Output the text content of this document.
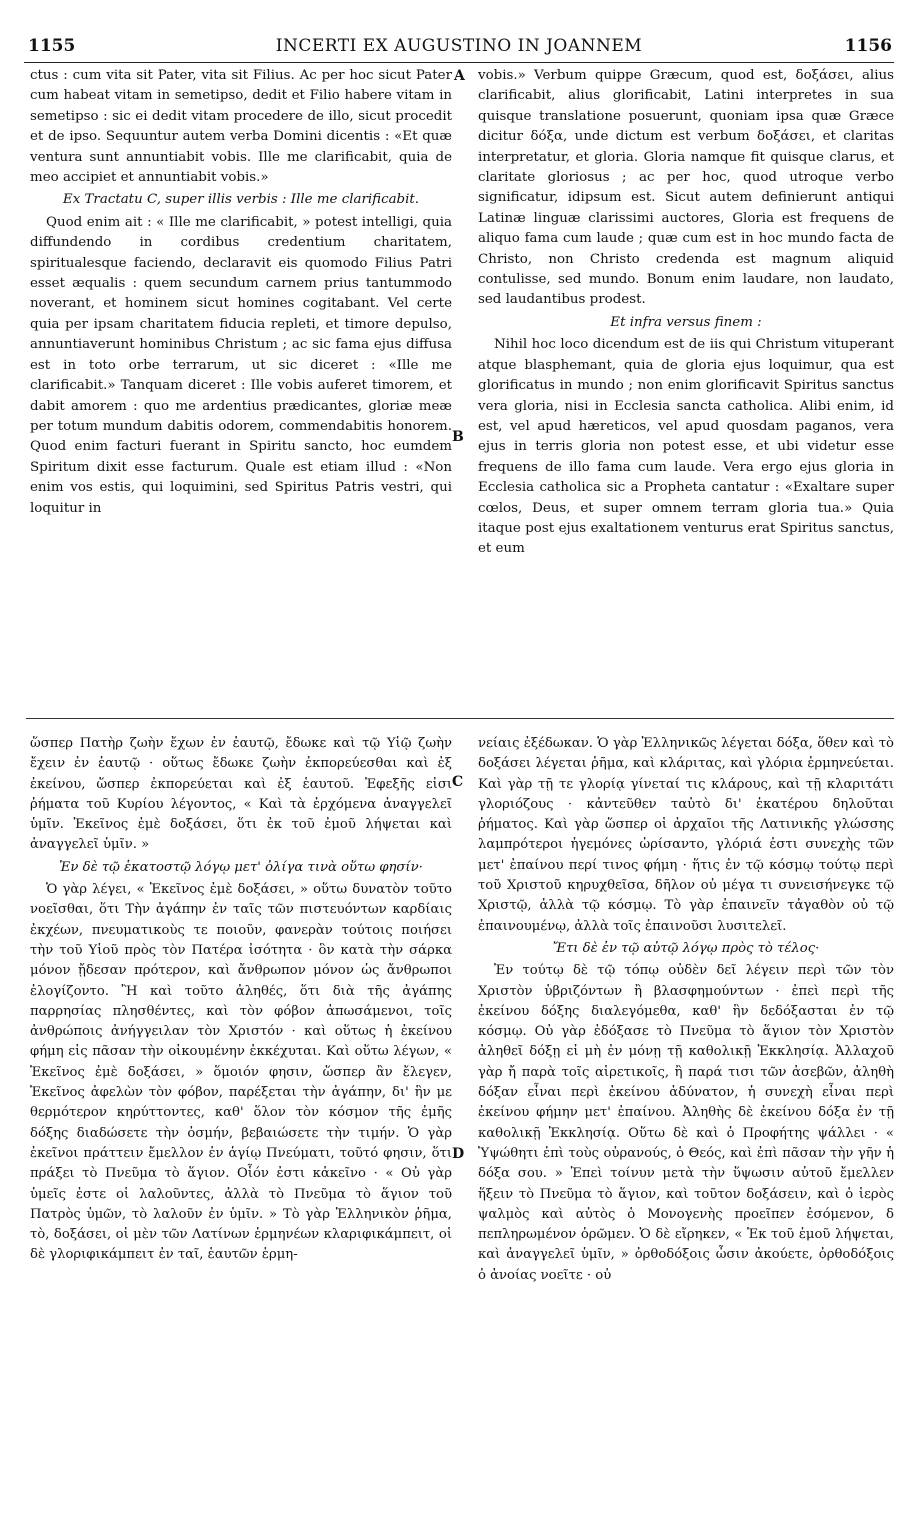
1155	INCERTI EX AUGUSTINO IN JOANNEM	1156
A
B
C
D

ctus : cum vita sit Pater, vita sit Filius. Ac per hoc sicut Pater cum habeat vitam in semetipso, dedit et Filio habere vitam in semetipso : sic ei dedit vitam procedere de illo, sicut procedit et de ipso. Sequuntur autem verba Domini dicentis : «Et quæ ventura sunt annuntiabit vobis. Ille me clarificabit, quia de meo accipiet et annuntiabit vobis.»

Ex Tractatu C, super illis verbis : Ille me clarificabit.

Quod enim ait : « Ille me clarificabit, » potest intelligi, quia diffundendo in cordibus credentium charitatem, spiritualesque faciendo, declaravit eis quomodo Filius Patri esset æqualis : quem secundum carnem prius tantummodo noverant, et hominem sicut homines cogitabant. Vel certe quia per ipsam charitatem fiducia repleti, et timore depulso, annuntiaverunt hominibus Christum ; ac sic fama ejus diffusa est in toto orbe terrarum, ut sic diceret : «Ille me clarificabit.» Tanquam diceret : Ille vobis auferet timorem, et dabit amorem : quo me ardentius prædicantes, gloriæ meæ per totum mundum dabitis odorem, commendabitis honorem. Quod enim facturi fuerant in Spiritu sancto, hoc eumdem Spiritum dixit esse facturum. Quale est etiam illud : «Non enim vos estis, qui loquimini, sed Spiritus Patris vestri, qui loquitur in

vobis.» Verbum quippe Græcum, quod est, δοξάσει, alius clarificabit, alius glorificabit, Latini interpretes in sua quisque translatione posuerunt, quoniam ipsa quæ Græce dicitur δόξα, unde dictum est verbum δοξάσει, et claritas interpretatur, et gloria. Gloria namque fit quisque clarus, et claritate gloriosus ; ac per hoc, quod utroque verbo significatur, idipsum est. Sicut autem definierunt antiqui Latinæ linguæ clarissimi auctores, Gloria est frequens de aliquo fama cum laude ; quæ cum est in hoc mundo facta de Christo, non Christo credenda est magnum aliquid contulisse, sed mundo. Bonum enim laudare, non laudato, sed laudantibus prodest.

Et infra versus finem :

Nihil hoc loco dicendum est de iis qui Christum vituperant atque blasphemant, quia de gloria ejus loquimur, qua est glorificatus in mundo ; non enim glorificavit Spiritus sanctus vera gloria, nisi in Ecclesia sancta catholica. Alibi enim, id est, vel apud hæreticos, vel apud quosdam paganos, vera ejus in terris gloria non potest esse, et ubi videtur esse frequens de illo fama cum laude. Vera ergo ejus gloria in Ecclesia catholica sic a Propheta cantatur : «Exaltare super cœlos, Deus, et super omnem terram gloria tua.» Quia itaque post ejus exaltationem venturus erat Spiritus sanctus, et eum

ὥσπερ Πατὴρ ζωὴν ἔχων ἐν ἑαυτῷ, ἔδωκε καὶ τῷ Υἱῷ ζωὴν ἔχειν ἐν ἑαυτῷ · οὕτως ἔδωκε ζωὴν ἐκπορεύεσθαι καὶ ἐξ ἐκείνου, ὥσπερ ἐκπορεύεται καὶ ἐξ ἑαυτοῦ. Ἐφεξῆς εἰσι ῥήματα τοῦ Κυρίου λέγοντος, « Καὶ τὰ ἐρχόμενα ἀναγγελεῖ ὑμῖν. Ἐκεῖνος ἐμὲ δοξάσει, ὅτι ἐκ τοῦ ἐμοῦ λήψεται καὶ ἀναγγελεῖ ὑμῖν. »

Ἐν δὲ τῷ ἑκατοστῷ λόγῳ μετ' ὀλίγα τινὰ οὕτω φησίν·

Ὁ γὰρ λέγει, « Ἐκεῖνος ἐμὲ δοξάσει, » οὕτω δυνατὸν τοῦτο νοεῖσθαι, ὅτι Τὴν ἀγάπην ἐν ταῖς τῶν πιστευόντων καρδίαις ἐκχέων, πνευματικοὺς τε ποιοῦν, φανερὰν τούτοις ποιήσει τὴν τοῦ Υἱοῦ πρὸς τὸν Πατέρα ἰσότητα · ὃν κατὰ τὴν σάρκα μόνον ᾔδεσαν πρότερον, καὶ ἄνθρωπον μόνον ὡς ἄνθρωποι ἐλογίζοντο. Ἢ καὶ τοῦτο ἀληθές, ὅτι διὰ τῆς ἀγάπης παρρησίας πλησθέντες, καὶ τὸν φόβον ἀπωσάμενοι, τοῖς ἀνθρώποις ἀνήγγειλαν τὸν Χριστόν · καὶ οὕτως ἡ ἐκείνου φήμη εἰς πᾶσαν τὴν οἰκουμένην ἐκκέχυται. Καὶ οὕτω λέγων, « Ἐκεῖνος ἐμὲ δοξάσει, » ὅμοιόν φησιν, ὥσπερ ἂν ἔλεγεν, Ἐκεῖνος ἀφελὼν τὸν φόβον, παρέξεται τὴν ἀγάπην, δι' ἣν με θερμότερον κηρύττοντες, καθ' ὅλον τὸν κόσμον τῆς ἐμῆς δόξης διαδώσετε τὴν ὀσμήν, βεβαιώσετε τὴν τιμήν. Ὁ γὰρ ἐκεῖνοι πράττειν ἔμελλον ἐν ἁγίῳ Πνεύματι, τοῦτό φησιν, ὅτι πράξει τὸ Πνεῦμα τὸ ἅγιον. Οἷόν ἐστι κἀκεῖνο · « Οὐ γὰρ ὑμεῖς ἐστε οἱ λαλοῦντες, ἀλλὰ τὸ Πνεῦμα τὸ ἅγιον τοῦ Πατρὸς ὑμῶν, τὸ λαλοῦν ἐν ὑμῖν. » Τὸ γὰρ Ἑλληνικὸν ῥῆμα, τὸ, δοξάσει, οἱ μὲν τῶν Λατίνων ἑρμηνέων κλαριφικάμπειτ, οἱ δὲ γλοριφικάμπειτ ἐν ταῖ, ἑαυτῶν ἑρμη-

νείαις ἐξέδωκαν. Ὁ γὰρ Ἑλληνικῶς λέγεται δόξα, ὅθεν καὶ τὸ δοξάσει λέγεται ῥῆμα, καὶ κλάριτας, καὶ γλόρια ἑρμηνεύεται. Καὶ γὰρ τῇ τε γλορίᾳ γίνεταί τις κλάρους, καὶ τῇ κλαριτάτι γλοριόζους · κἀντεῦθεν ταὐτὸ δι' ἑκατέρου δηλοῦται ῥήματος. Καὶ γὰρ ὥσπερ οἱ ἀρχαῖοι τῆς Λατινικῆς γλώσσης λαμπρότεροι ἡγεμόνες ὡρίσαντο, γλόριά ἐστι συνεχὴς τῶν μετ' ἐπαίνου περί τινος φήμη · ἥτις ἐν τῷ κόσμῳ τούτῳ περὶ τοῦ Χριστοῦ κηρυχθεῖσα, δῆλον οὐ μέγα τι συνεισήνεγκε τῷ Χριστῷ, ἀλλὰ τῷ κόσμῳ. Τὸ γὰρ ἐπαινεῖν τἀγαθὸν οὐ τῷ ἐπαινουμένῳ, ἀλλὰ τοῖς ἐπαινοῦσι λυσιτελεῖ.

Ἔτι δὲ ἐν τῷ αὐτῷ λόγῳ πρὸς τὸ τέλος·

Ἐν τούτῳ δὲ τῷ τόπῳ οὐδὲν δεῖ λέγειν περὶ τῶν τὸν Χριστὸν ὑβριζόντων ἢ βλασφημούντων · ἐπεὶ περὶ τῆς ἐκείνου δόξης διαλεγόμεθα, καθ' ἣν δεδόξασται ἐν τῷ κόσμῳ. Οὐ γὰρ ἐδόξασε τὸ Πνεῦμα τὸ ἅγιον τὸν Χριστὸν ἀληθεῖ δόξῃ εἰ μὴ ἐν μόνῃ τῇ καθολικῇ Ἐκκλησίᾳ. Ἀλλαχοῦ γὰρ ἤ παρὰ τοῖς αἱρετικοῖς, ἢ παρά τισι τῶν ἀσεβῶν, ἀληθὴ δόξαν εἶναι περὶ ἐκείνου ἀδύνατον, ἡ συνεχὴ εἶναι περὶ ἐκείνου φήμην μετ' ἐπαίνου. Ἀληθὴς δὲ ἐκείνου δόξα ἐν τῇ καθολικῇ Ἐκκλησίᾳ. Οὕτω δὲ καὶ ὁ Προφήτης ψάλλει · « Ὑψώθητι ἐπὶ τοὺς οὐρανούς, ὁ Θεός, καὶ ἐπὶ πᾶσαν τὴν γῆν ἡ δόξα σου. » Ἐπεὶ τοίνυν μετὰ τὴν ὕψωσιν αὐτοῦ ἔμελλεν ἥξειν τὸ Πνεῦμα τὸ ἅγιον, καὶ τοῦτον δοξάσειν, καὶ ὁ ἱερὸς ψαλμὸς καὶ αὐτὸς ὁ Μονογενὴς προεῖπεν ἐσόμενον, δ πεπληρωμένον ὁρῶμεν. Ὁ δὲ εἴρηκεν, « Ἐκ τοῦ ἐμοῦ λήψεται, καὶ ἀναγγελεῖ ὑμῖν, » ὀρθοδόξοις ὦσιν ἀκούετε, ὀρθοδόξοις ὁ ἀνοίας νοεῖτε · οὐ
